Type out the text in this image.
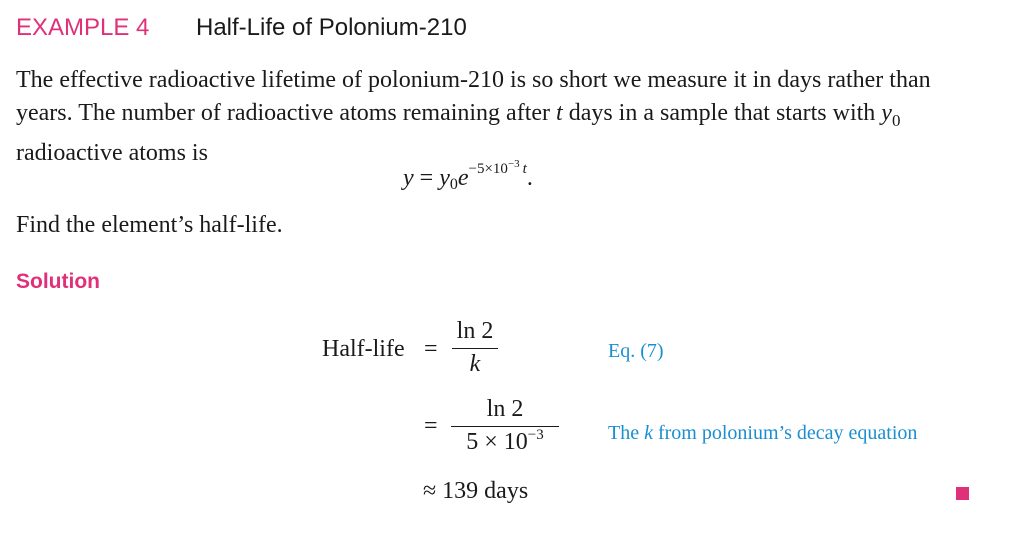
EXAMPLE 4 Half-Life of Polonium-210
The effective radioactive lifetime of polonium-210 is so short we measure it in days rather than years. The number of radioactive atoms remaining after t days in a sample that starts with $y_0$ radioactive atoms is
$y = y_0e^{-5\times 10^{-3} t}$.
Find the element’s half-life.
Solution
Half-life =
ln 2
k	Eq. (7)
=
ln 2
$5 \times 10^{-3}$	The k from polonium’s decay equation
≈ 139 days
